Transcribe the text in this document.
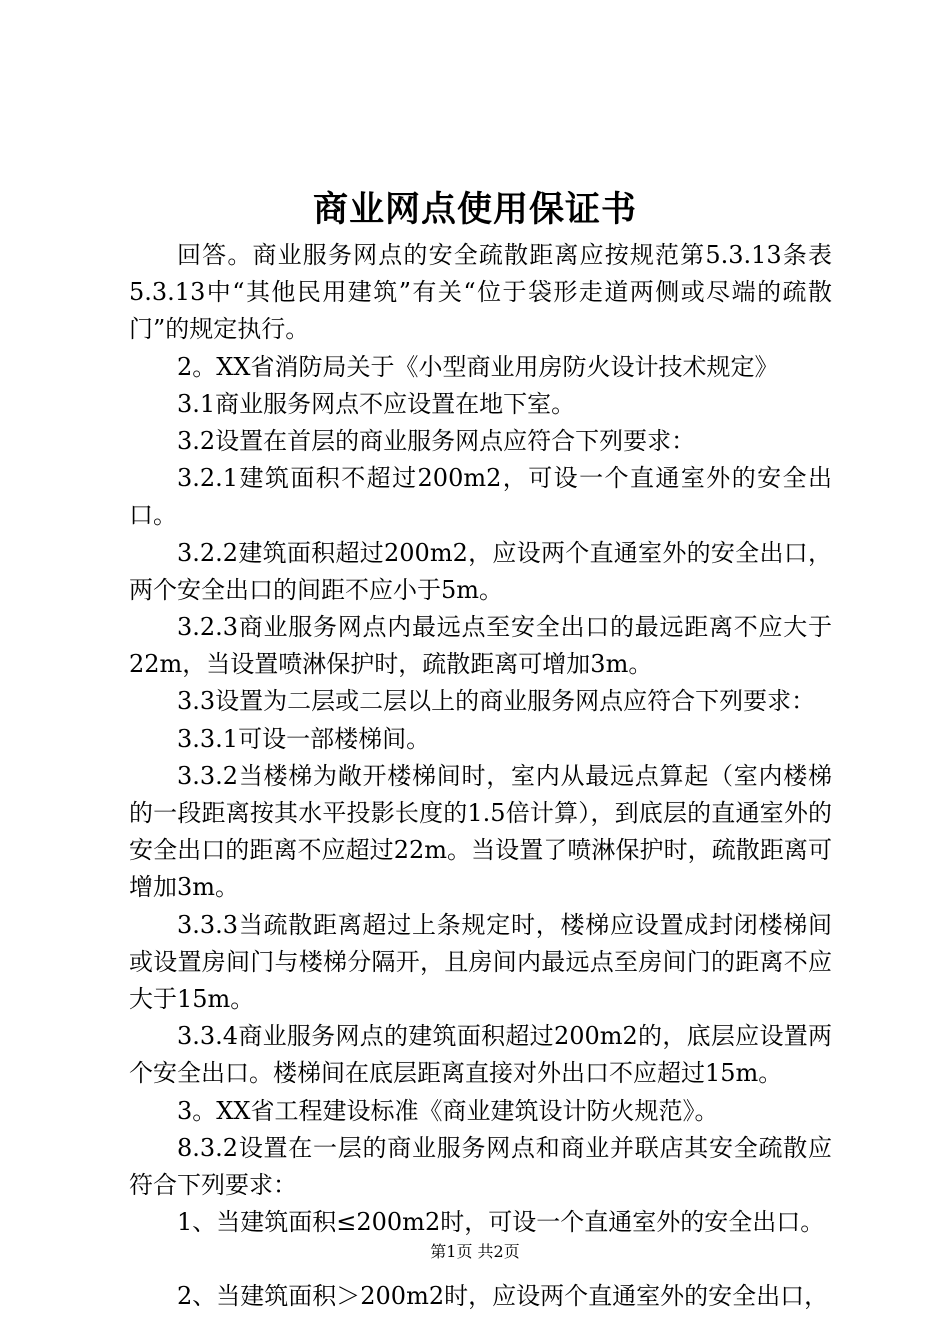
商业网点使用保证书

回答。商业服务网点的安全疏散距离应按规范第5.3.13条表5.3.13中“其他民用建筑”有关“位于袋形走道两侧或尽端的疏散门”的规定执行。

2。XX省消防局关于《小型商业用房防火设计技术规定》

3.1商业服务网点不应设置在地下室。

3.2设置在首层的商业服务网点应符合下列要求：

3.2.1建筑面积不超过200m2，可设一个直通室外的安全出口。

3.2.2建筑面积超过200m2，应设两个直通室外的安全出口，两个安全出口的间距不应小于5m。

3.2.3商业服务网点内最远点至安全出口的最远距离不应大于22m，当设置喷淋保护时，疏散距离可增加3m。

3.3设置为二层或二层以上的商业服务网点应符合下列要求：

3.3.1可设一部楼梯间。

3.3.2当楼梯为敞开楼梯间时，室内从最远点算起（室内楼梯的一段距离按其水平投影长度的1.5倍计算），到底层的直通室外的安全出口的距离不应超过22m。当设置了喷淋保护时，疏散距离可增加3m。

3.3.3当疏散距离超过上条规定时，楼梯应设置成封闭楼梯间或设置房间门与楼梯分隔开，且房间内最远点至房间门的距离不应大于15m。

3.3.4商业服务网点的建筑面积超过200m2的，底层应设置两个安全出口。楼梯间在底层距离直接对外出口不应超过15m。

3。XX省工程建设标准《商业建筑设计防火规范》。

8.3.2设置在一层的商业服务网点和商业并联店其安全疏散应符合下列要求：

1、当建筑面积≤200m2时，可设一个直通室外的安全出口。

2、当建筑面积＞200m2时，应设两个直通室外的安全出口，

第1页 共2页
